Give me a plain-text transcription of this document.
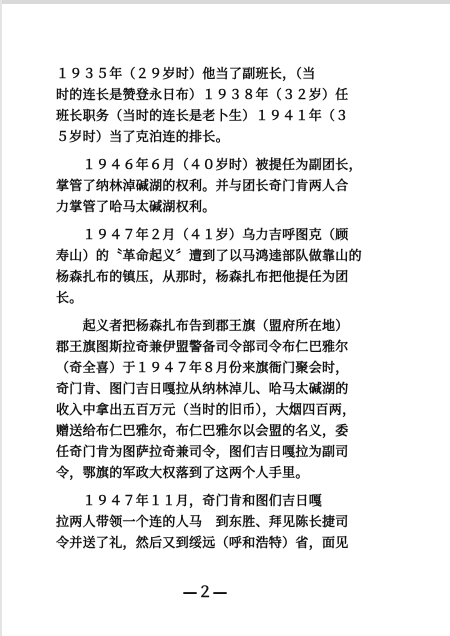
１９３５年（２９岁时）他当了副班长，（当
时的连长是赞登永日布）１９３８年（３２岁）任
班长职务（当时的连长是老卜生）１９４１年（３
５岁时）当了克泊连的排长。
　　１９４６年６月（４０岁时）被提任为副团长，
掌管了纳林淖碱湖的权利。并与团长奇门肯两人合
力掌管了哈马太碱湖权利。
　　１９４７年２月（４１岁）乌力吉呼图克（顾
寿山）的〝革命起义〞遭到了以马鸿逵部队做靠山的
杨森扎布的镇压，从那时，杨森扎布把他提任为团
长。
　　起义者把杨森扎布告到郡王旗（盟府所在地）
郡王旗图斯拉奇兼伊盟警备司令部司令布仁巴雅尔
（奇全喜）于１９４７年８月份来旗衙门聚会时，
奇门肯、图门吉日嘎拉从纳林淖儿、哈马太碱湖的
收入中拿出五百万元（当时的旧币），大烟四百两，
赠送给布仁巴雅尔，布仁巴雅尔以会盟的名义，委
任奇门肯为图萨拉奇兼司令，图们吉日嘎拉为副司
令，鄂旗的军政大权落到了这两个人手里。
　　１９４７年１１月，奇门肯和图们吉日嘎
拉两人带领一个连的人马　到东胜、拜见陈长捷司
令并送了礼，然后又到绥远（呼和浩特）省，面见
—２—
